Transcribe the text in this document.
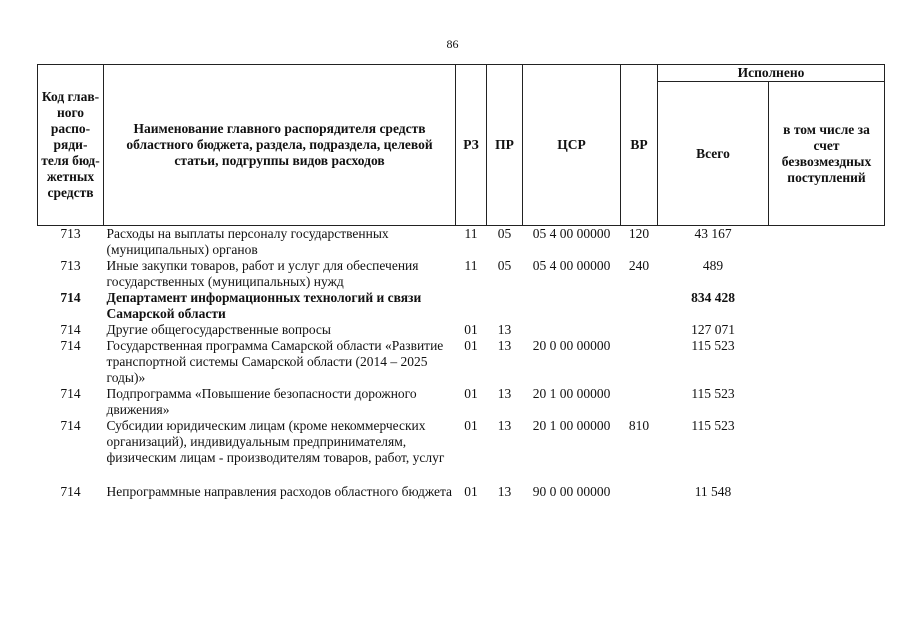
86
Код глав-ного распо-ряди-теля бюд-жетных средств	Наименование главного распорядителя средств областного бюджета, раздела, подраздела, целевой статьи, подгруппы видов расходов	РЗ	ПР	ЦСР	ВР	Исполнено	
						Всего	в том числе за счет безвозмездных поступлений
713	Расходы на выплаты персоналу государственных (муниципальных) органов	11	05	05 4 00 00000	120	43 167	
713	Иные закупки товаров, работ и услуг для обеспечения государственных (муниципальных) нужд	11	05	05 4 00 00000	240	489	
714	Департамент информационных технологий и связи Самарской области					834 428	
714	Другие общегосударственные вопросы	01	13			127 071	
714	Государственная программа Самарской области «Развитие транспортной системы Самарской области (2014 – 2025 годы)»	01	13	20 0 00 00000		115 523	
714	Подпрограмма «Повышение безопасности дорожного движения»	01	13	20 1 00 00000		115 523	
714	Субсидии юридическим лицам (кроме некоммерческих организаций), индивидуальным предпринимателям, физическим лицам - производителям товаров, работ, услуг	01	13	20 1 00 00000	810	115 523	

714	Непрограммные направления расходов областного бюджета	01	13	90 0 00 00000		11 548	
